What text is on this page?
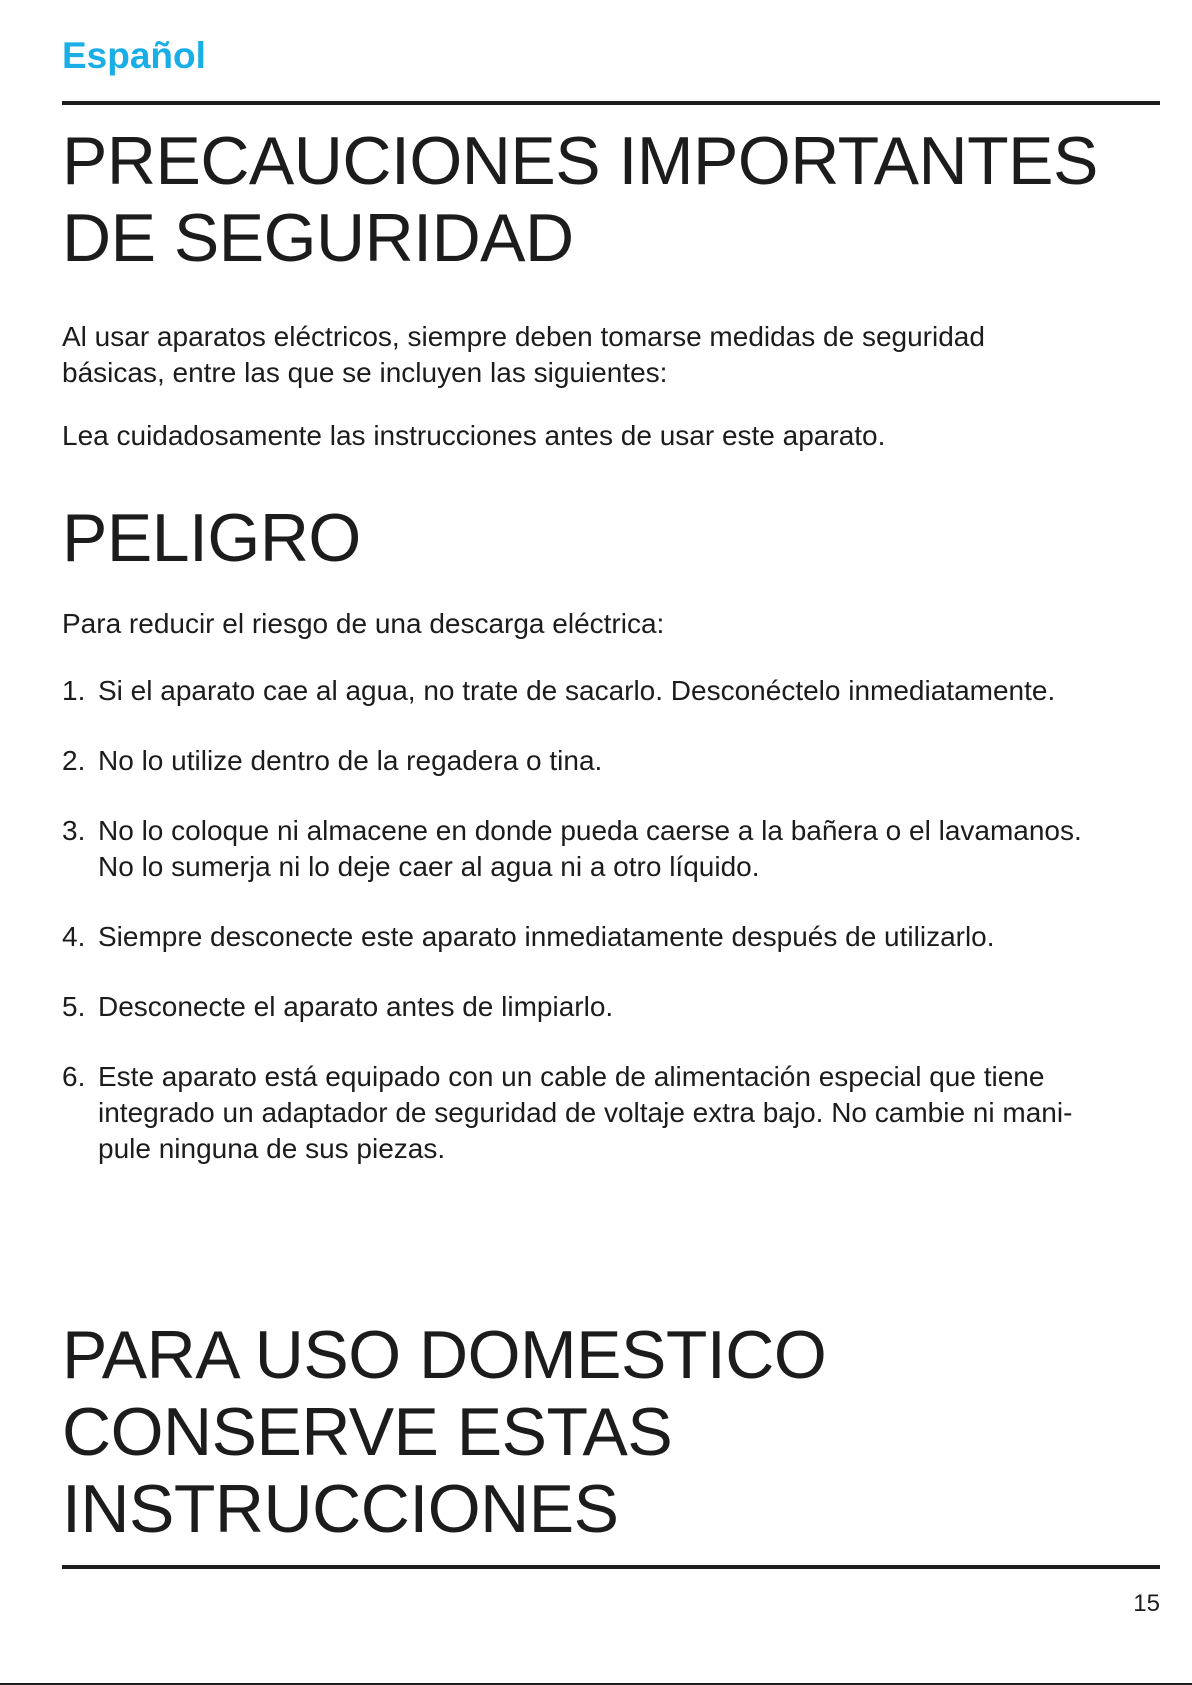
Español

PRECAUCIONES IMPORTANTES
DE SEGURIDAD

Al usar aparatos eléctricos, siempre deben tomarse medidas de seguridad
básicas, entre las que se incluyen las siguientes:

Lea cuidadosamente las instrucciones antes de usar este aparato.

PELIGRO

Para reducir el riesgo de una descarga eléctrica:

1. Si el aparato cae al agua, no trate de sacarlo. Desconéctelo inmediatamente.
2. No lo utilize dentro de la regadera o tina.
3. No lo coloque ni almacene en donde pueda caerse a la bañera o el lavamanos.
No lo sumerja ni lo deje caer al agua ni a otro líquido.
4. Siempre desconecte este aparato inmediatamente después de utilizarlo.
5. Desconecte el aparato antes de limpiarlo.
6. Este aparato está equipado con un cable de alimentación especial que tiene
integrado un adaptador de seguridad de voltaje extra bajo. No cambie ni mani-
pule ninguna de sus piezas.
PARA USO DOMESTICO
CONSERVE ESTAS
INSTRUCCIONES

15
